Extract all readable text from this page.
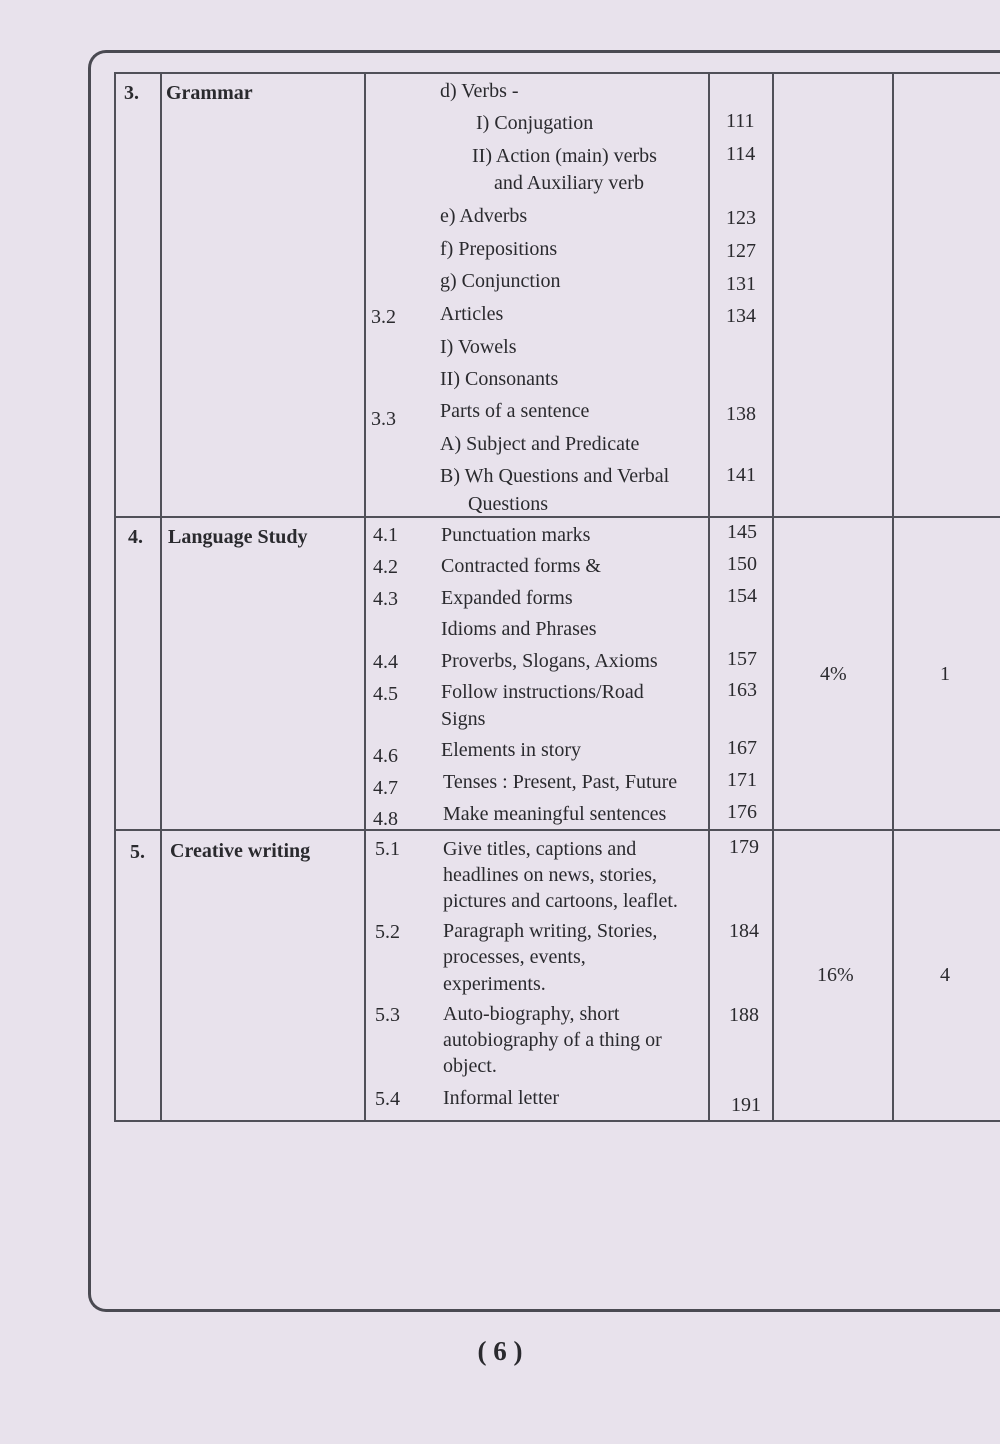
3. Grammar	d) Verbs -
I) Conjugation	111
II) Action (main) verbs
and Auxiliary verb
114
e) Adverbs	123
f) Prepositions	127
g) Conjunction	131
3.2 Articles	134
I) Vowels
II) Consonants
3.3 Parts of a sentence	138
A) Subject and Predicate
B) Wh Questions and Verbal
Questions
141
4. Language Study	4.1 Punctuation marks	145
4.2 Contracted forms &	150
4.3 Expanded forms	154
Idioms and Phrases
4.4 Proverbs, Slogans, Axioms	157
4.5 Follow instructions/Road
Signs
163
4.6 Elements in story	167
4.7 Tenses : Present, Past, Future 171
4.8 Make meaningful sentences	176
4%	1
5. Creative writing	5.1 Give titles, captions and
headlines on news, stories,
pictures and cartoons, leaflet.
179
5.2 Paragraph writing, Stories,
processes, events,
experiments.
184
5.3 Auto-biography, short
autobiography of a thing or
object.
188
5.4 Informal letter	191
16%	4
( 6 )
